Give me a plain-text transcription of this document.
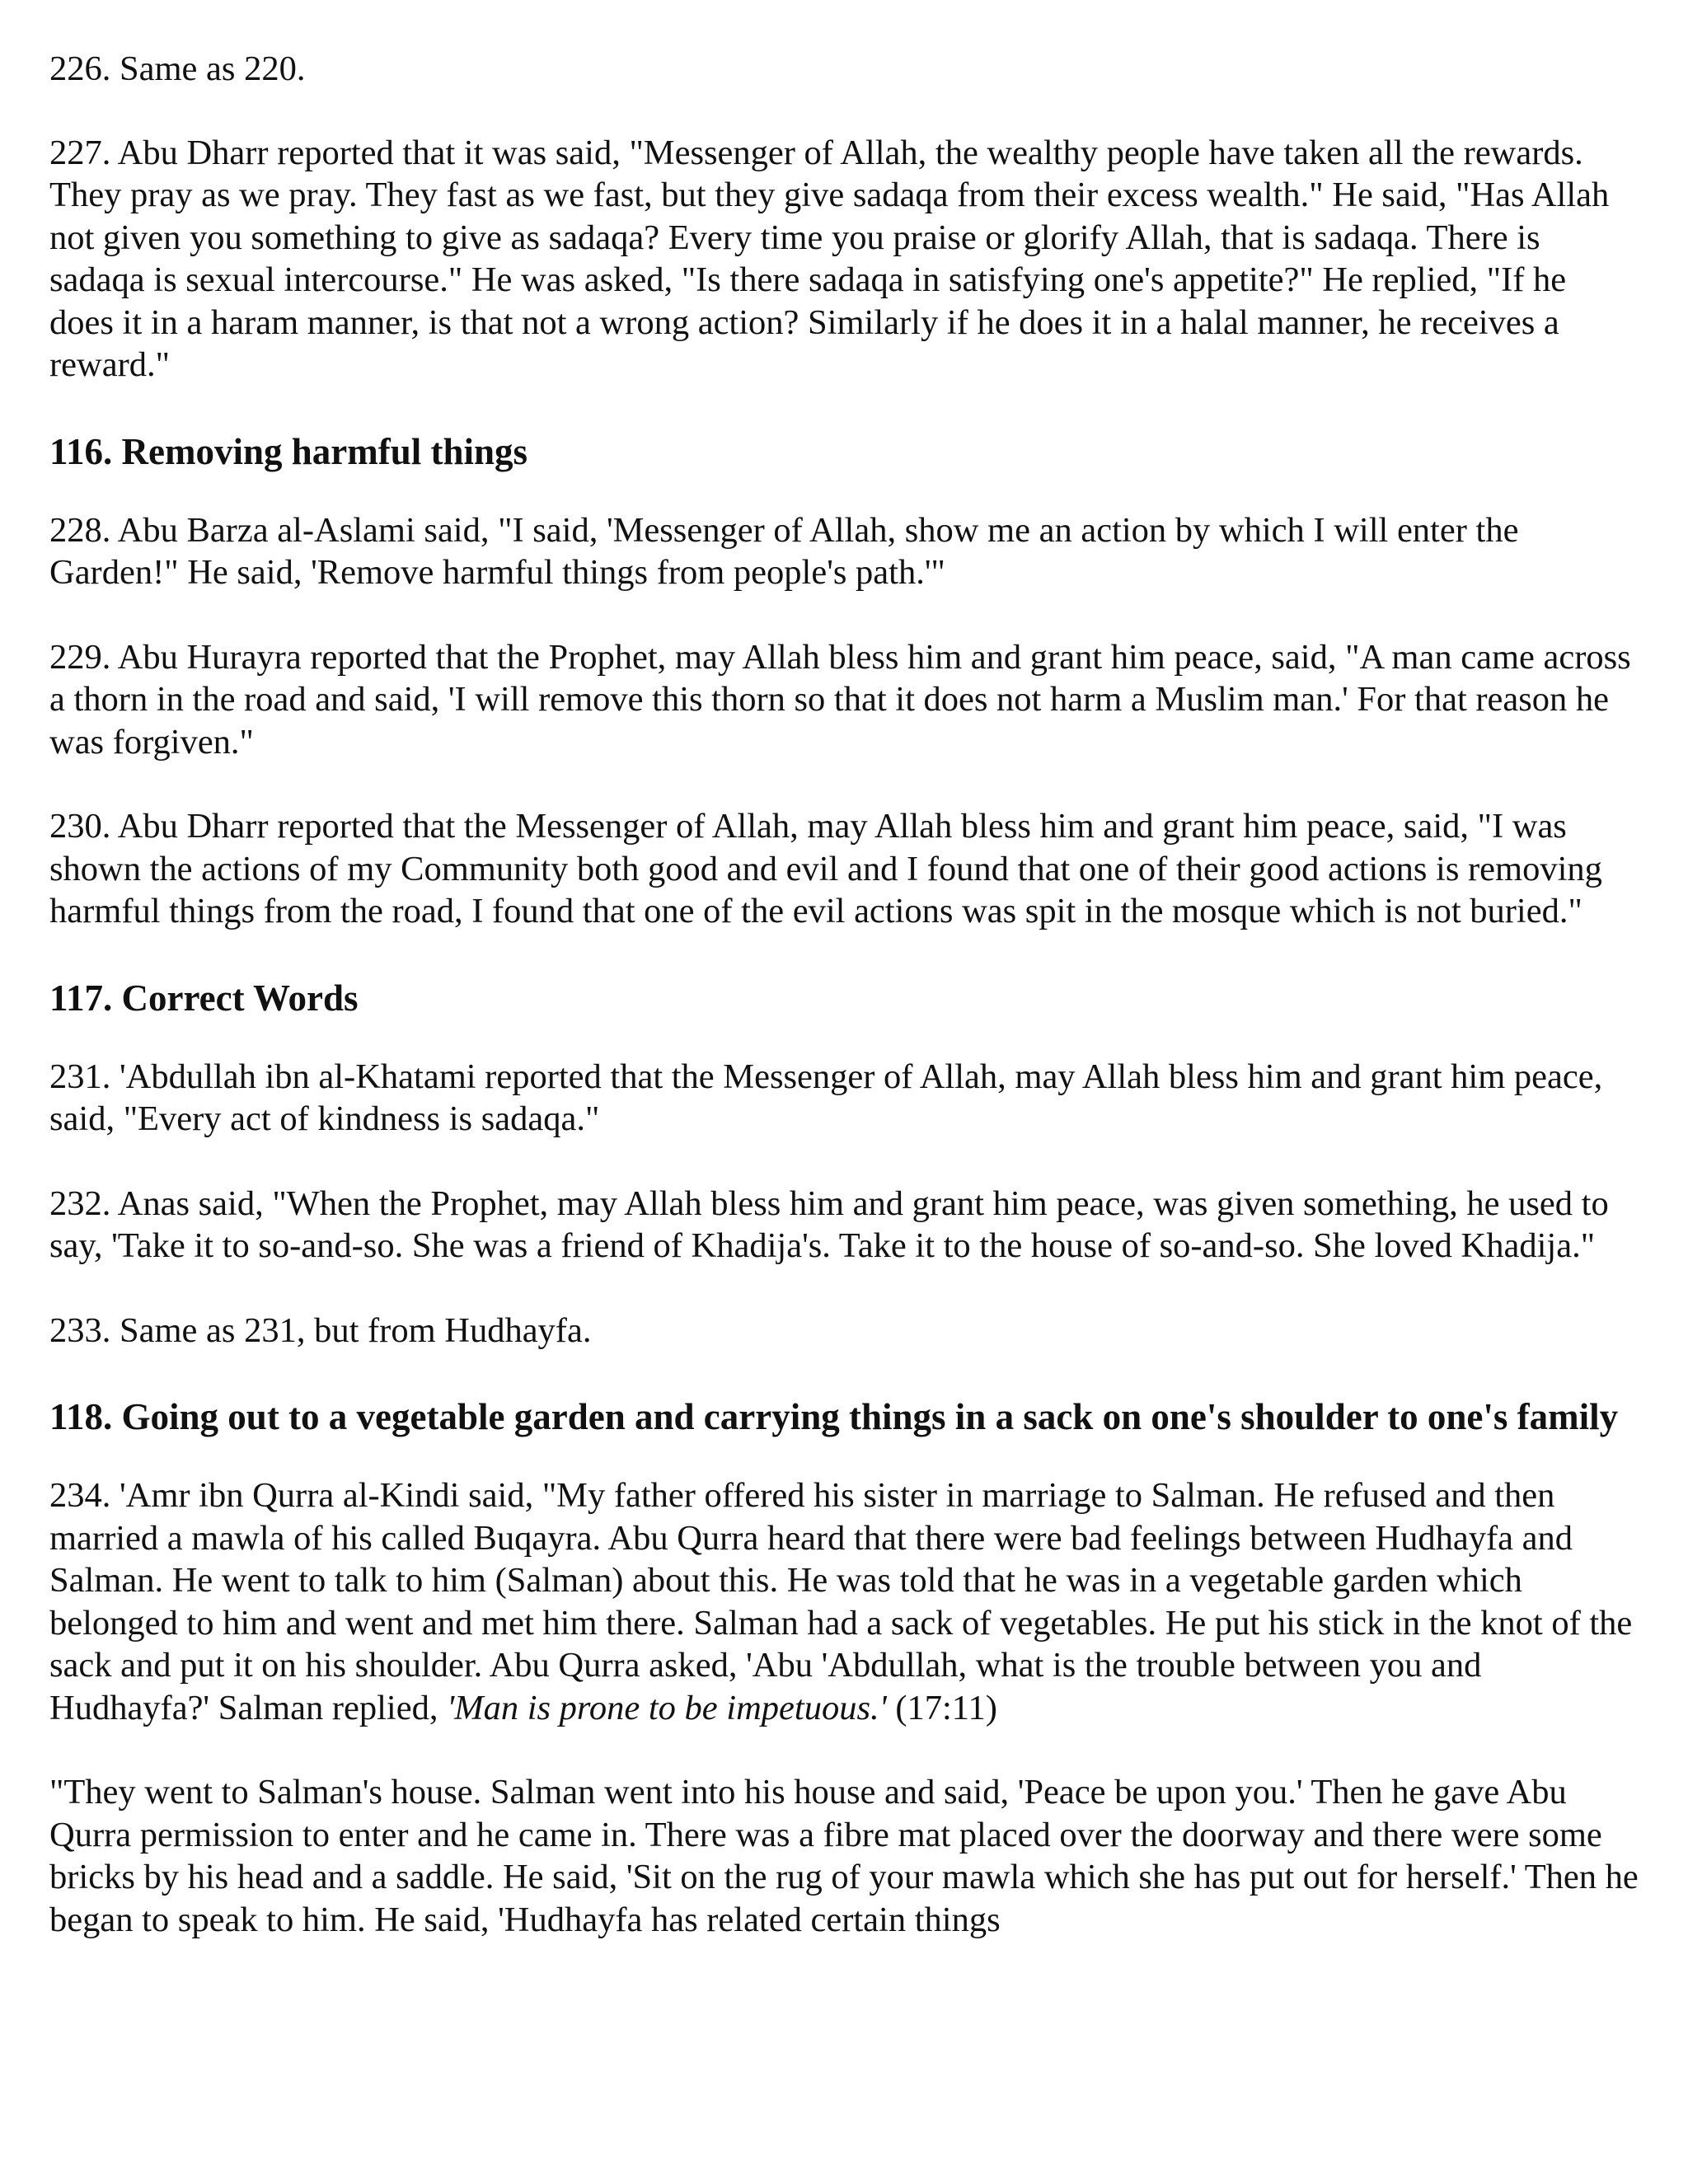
226. Same as 220.

227. Abu Dharr reported that it was said, "Messenger of Allah, the wealthy people have taken all the rewards. They pray as we pray. They fast as we fast, but they give sadaqa from their excess wealth." He said, "Has Allah not given you something to give as sadaqa? Every time you praise or glorify Allah, that is sadaqa. There is sadaqa is sexual intercourse." He was asked, "Is there sadaqa in satisfying one's appetite?" He replied, "If he does it in a haram manner, is that not a wrong action? Similarly if he does it in a halal manner, he receives a reward."

116. Removing harmful things

228. Abu Barza al-Aslami said, "I said, 'Messenger of Allah, show me an action by which I will enter the Garden!" He said, 'Remove harmful things from people's path.'"

229. Abu Hurayra reported that the Prophet, may Allah bless him and grant him peace, said, "A man came across a thorn in the road and said, 'I will remove this thorn so that it does not harm a Muslim man.' For that reason he was forgiven."

230. Abu Dharr reported that the Messenger of Allah, may Allah bless him and grant him peace, said, "I was shown the actions of my Community both good and evil and I found that one of their good actions is removing harmful things from the road, I found that one of the evil actions was spit in the mosque which is not buried."

117. Correct Words

231. 'Abdullah ibn al-Khatami reported that the Messenger of Allah, may Allah bless him and grant him peace, said, "Every act of kindness is sadaqa."

232. Anas said, "When the Prophet, may Allah bless him and grant him peace, was given something, he used to say, 'Take it to so-and-so. She was a friend of Khadija's. Take it to the house of so-and-so. She loved Khadija."

233. Same as 231, but from Hudhayfa.

118. Going out to a vegetable garden and carrying things in a sack on one's shoulder to one's family

234. 'Amr ibn Qurra al-Kindi said, "My father offered his sister in marriage to Salman. He refused and then married a mawla of his called Buqayra. Abu Qurra heard that there were bad feelings between Hudhayfa and Salman. He went to talk to him (Salman) about this. He was told that he was in a vegetable garden which belonged to him and went and met him there. Salman had a sack of vegetables. He put his stick in the knot of the sack and put it on his shoulder. Abu Qurra asked, 'Abu 'Abdullah, what is the trouble between you and Hudhayfa?' Salman replied, 'Man is prone to be impetuous.' (17:11)

"They went to Salman's house. Salman went into his house and said, 'Peace be upon you.' Then he gave Abu Qurra permission to enter and he came in. There was a fibre mat placed over the doorway and there were some bricks by his head and a saddle. He said, 'Sit on the rug of your mawla which she has put out for herself.' Then he began to speak to him. He said, 'Hudhayfa has related certain things
